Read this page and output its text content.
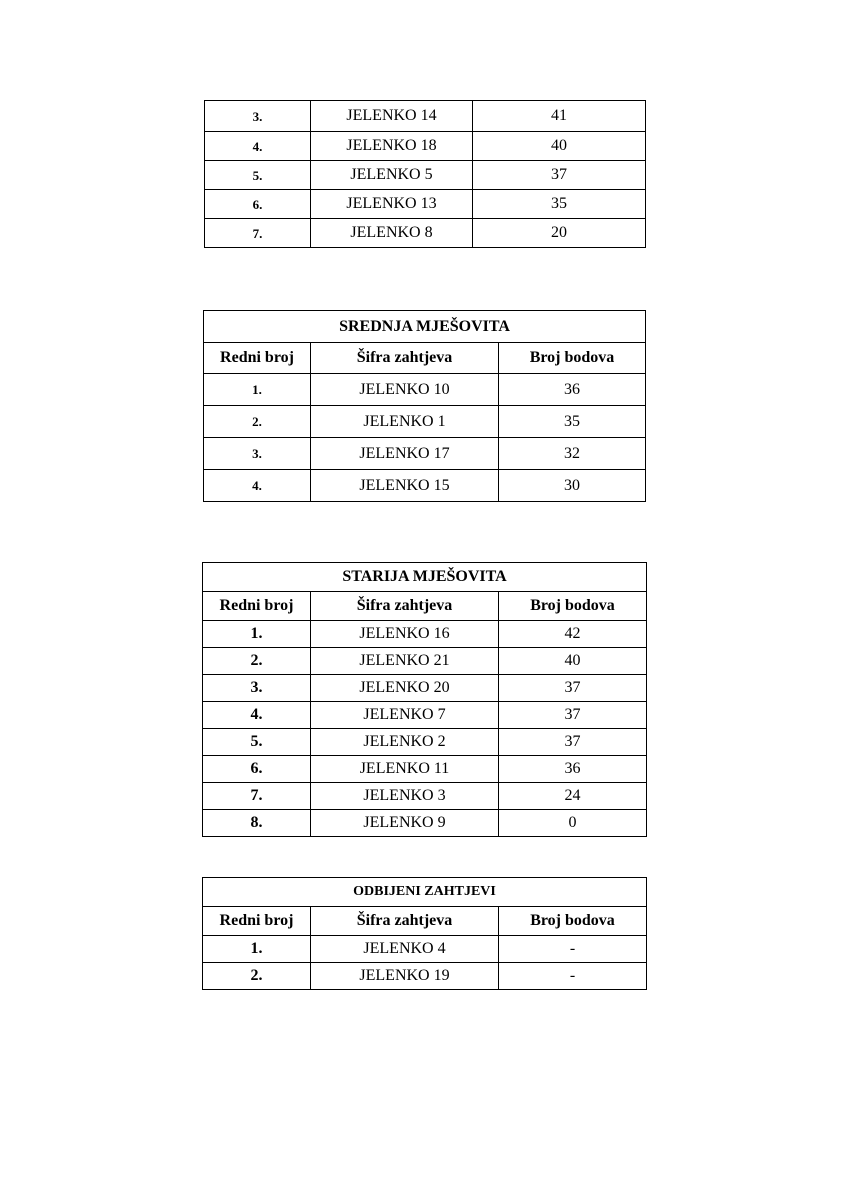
3.	JELENKO 14	41
4.	JELENKO 18	40
5.	JELENKO 5	37
6.	JELENKO 13	35
7.	JELENKO 8	20
SREDNJA MJEŠOVITA		
Redni broj	Šifra zahtjeva	Broj bodova
1.	JELENKO 10	36
2.	JELENKO 1	35
3.	JELENKO 17	32
4.	JELENKO 15	30
STARIJA MJEŠOVITA		
Redni broj	Šifra zahtjeva	Broj bodova
1.	JELENKO 16	42
2.	JELENKO 21	40
3.	JELENKO 20	37
4.	JELENKO 7	37
5.	JELENKO 2	37
6.	JELENKO 11	36
7.	JELENKO 3	24
8.	JELENKO 9	0
ODBIJENI ZAHTJEVI		
Redni broj	Šifra zahtjeva	Broj bodova
1.	JELENKO 4	-
2.	JELENKO 19	-
